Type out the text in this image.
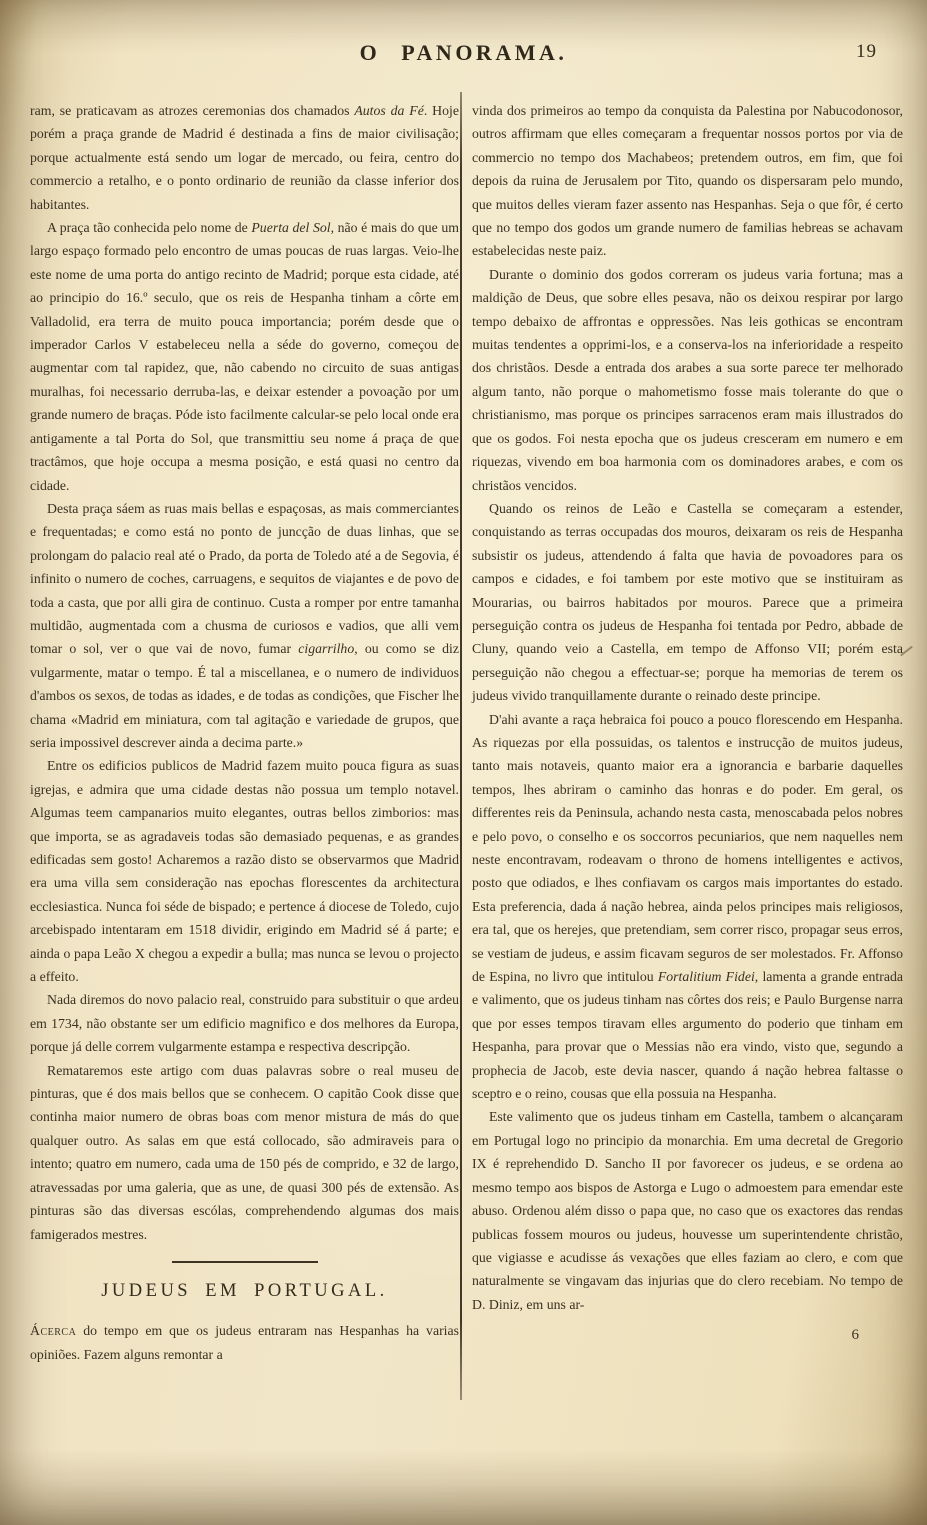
O PANORAMA.	19

ram, se praticavam as atrozes ceremonias dos chamados Autos da Fé. Hoje porém a praça grande de Madrid é destinada a fins de maior civilisação; porque actualmente está sendo um logar de mercado, ou feira, centro do commercio a retalho, e o ponto ordinario de reunião da classe inferior dos habitantes.

A praça tão conhecida pelo nome de Puerta del Sol, não é mais do que um largo espaço formado pelo encontro de umas poucas de ruas largas. Veio-lhe este nome de uma porta do antigo recinto de Madrid; porque esta cidade, até ao principio do 16.º seculo, que os reis de Hespanha tinham a côrte em Valladolid, era terra de muito pouca importancia; porém desde que o imperador Carlos V estabeleceu nella a séde do governo, começou de augmentar com tal rapidez, que, não cabendo no circuito de suas antigas muralhas, foi necessario derruba-las, e deixar estender a povoação por um grande numero de braças. Póde isto facilmente calcular-se pelo local onde era antigamente a tal Porta do Sol, que transmittiu seu nome á praça de que tractâmos, que hoje occupa a mesma posição, e está quasi no centro da cidade.

Desta praça sáem as ruas mais bellas e espaçosas, as mais commerciantes e frequentadas; e como está no ponto de juncção de duas linhas, que se prolongam do palacio real até o Prado, da porta de Toledo até a de Segovia, é infinito o numero de coches, carruagens, e sequitos de viajantes e de povo de toda a casta, que por alli gira de continuo. Custa a romper por entre tamanha multidão, augmentada com a chusma de curiosos e vadios, que alli vem tomar o sol, ver o que vai de novo, fumar cigarrilho, ou como se diz vulgarmente, matar o tempo. É tal a miscellanea, e o numero de individuos d'ambos os sexos, de todas as idades, e de todas as condições, que Fischer lhe chama «Madrid em miniatura, com tal agitação e variedade de grupos, que seria impossivel descrever ainda a decima parte.»

Entre os edificios publicos de Madrid fazem muito pouca figura as suas igrejas, e admira que uma cidade destas não possua um templo notavel. Algumas teem campanarios muito elegantes, outras bellos zimborios: mas que importa, se as agradaveis todas são demasiado pequenas, e as grandes edificadas sem gosto! Acharemos a razão disto se observarmos que Madrid era uma villa sem consideração nas epochas florescentes da architectura ecclesiastica. Nunca foi séde de bispado; e pertence á diocese de Toledo, cujo arcebispado intentaram em 1518 dividir, erigindo em Madrid sé á parte; e ainda o papa Leão X chegou a expedir a bulla; mas nunca se levou o projecto a effeito.

Nada diremos do novo palacio real, construido para substituir o que ardeu em 1734, não obstante ser um edificio magnifico e dos melhores da Europa, porque já delle correm vulgarmente estampa e respectiva descripção.

Remataremos este artigo com duas palavras sobre o real museu de pinturas, que é dos mais bellos que se conhecem. O capitão Cook disse que continha maior numero de obras boas com menor mistura de más do que qualquer outro. As salas em que está collocado, são admiraveis para o intento; quatro em numero, cada uma de 150 pés de comprido, e 32 de largo, atravessadas por uma galeria, que as une, de quasi 300 pés de extensão. As pinturas são das diversas escólas, comprehendendo algumas dos mais famigerados mestres.

JUDEUS EM PORTUGAL.

Ácerca do tempo em que os judeus entraram nas Hespanhas ha varias opiniões. Fazem alguns remontar a

vinda dos primeiros ao tempo da conquista da Palestina por Nabucodonosor, outros affirmam que elles começaram a frequentar nossos portos por via de commercio no tempo dos Machabeos; pretendem outros, em fim, que foi depois da ruina de Jerusalem por Tito, quando os dispersaram pelo mundo, que muitos delles vieram fazer assento nas Hespanhas. Seja o que fôr, é certo que no tempo dos godos um grande numero de familias hebreas se achavam estabelecidas neste paiz.

Durante o dominio dos godos correram os judeus varia fortuna; mas a maldição de Deus, que sobre elles pesava, não os deixou respirar por largo tempo debaixo de affrontas e oppressões. Nas leis gothicas se encontram muitas tendentes a opprimi-los, e a conserva-los na inferioridade a respeito dos christãos. Desde a entrada dos arabes a sua sorte parece ter melhorado algum tanto, não porque o mahometismo fosse mais tolerante do que o christianismo, mas porque os principes sarracenos eram mais illustrados do que os godos. Foi nesta epocha que os judeus cresceram em numero e em riquezas, vivendo em boa harmonia com os dominadores arabes, e com os christãos vencidos.

Quando os reinos de Leão e Castella se começaram a estender, conquistando as terras occupadas dos mouros, deixaram os reis de Hespanha subsistir os judeus, attendendo á falta que havia de povoadores para os campos e cidades, e foi tambem por este motivo que se instituiram as Mourarias, ou bairros habitados por mouros. Parece que a primeira perseguição contra os judeus de Hespanha foi tentada por Pedro, abbade de Cluny, quando veio a Castella, em tempo de Affonso VII; porém esta perseguição não chegou a effectuar-se; porque ha memorias de terem os judeus vivido tranquillamente durante o reinado deste principe.

D'ahi avante a raça hebraica foi pouco a pouco florescendo em Hespanha. As riquezas por ella possuidas, os talentos e instrucção de muitos judeus, tanto mais notaveis, quanto maior era a ignorancia e barbarie daquelles tempos, lhes abriram o caminho das honras e do poder. Em geral, os differentes reis da Peninsula, achando nesta casta, menoscabada pelos nobres e pelo povo, o conselho e os soccorros pecuniarios, que nem naquelles nem neste encontravam, rodeavam o throno de homens intelligentes e activos, posto que odiados, e lhes confiavam os cargos mais importantes do estado. Esta preferencia, dada á nação hebrea, ainda pelos principes mais religiosos, era tal, que os herejes, que pretendiam, sem correr risco, propagar seus erros, se vestiam de judeus, e assim ficavam seguros de ser molestados. Fr. Affonso de Espina, no livro que intitulou Fortalitium Fidei, lamenta a grande entrada e valimento, que os judeus tinham nas côrtes dos reis; e Paulo Burgense narra que por esses tempos tiravam elles argumento do poderio que tinham em Hespanha, para provar que o Messias não era vindo, visto que, segundo a prophecia de Jacob, este devia nascer, quando á nação hebrea faltasse o sceptro e o reino, cousas que ella possuia na Hespanha.

Este valimento que os judeus tinham em Castella, tambem o alcançaram em Portugal logo no principio da monarchia. Em uma decretal de Gregorio IX é reprehendido D. Sancho II por favorecer os judeus, e se ordena ao mesmo tempo aos bispos de Astorga e Lugo o admoestem para emendar este abuso. Ordenou além disso o papa que, no caso que os exactores das rendas publicas fossem mouros ou judeus, houvesse um superintendente christão, que vigiasse e acudisse ás vexações que elles faziam ao clero, e com que naturalmente se vingavam das injurias que do clero recebiam. No tempo de D. Diniz, em uns ar-

6
